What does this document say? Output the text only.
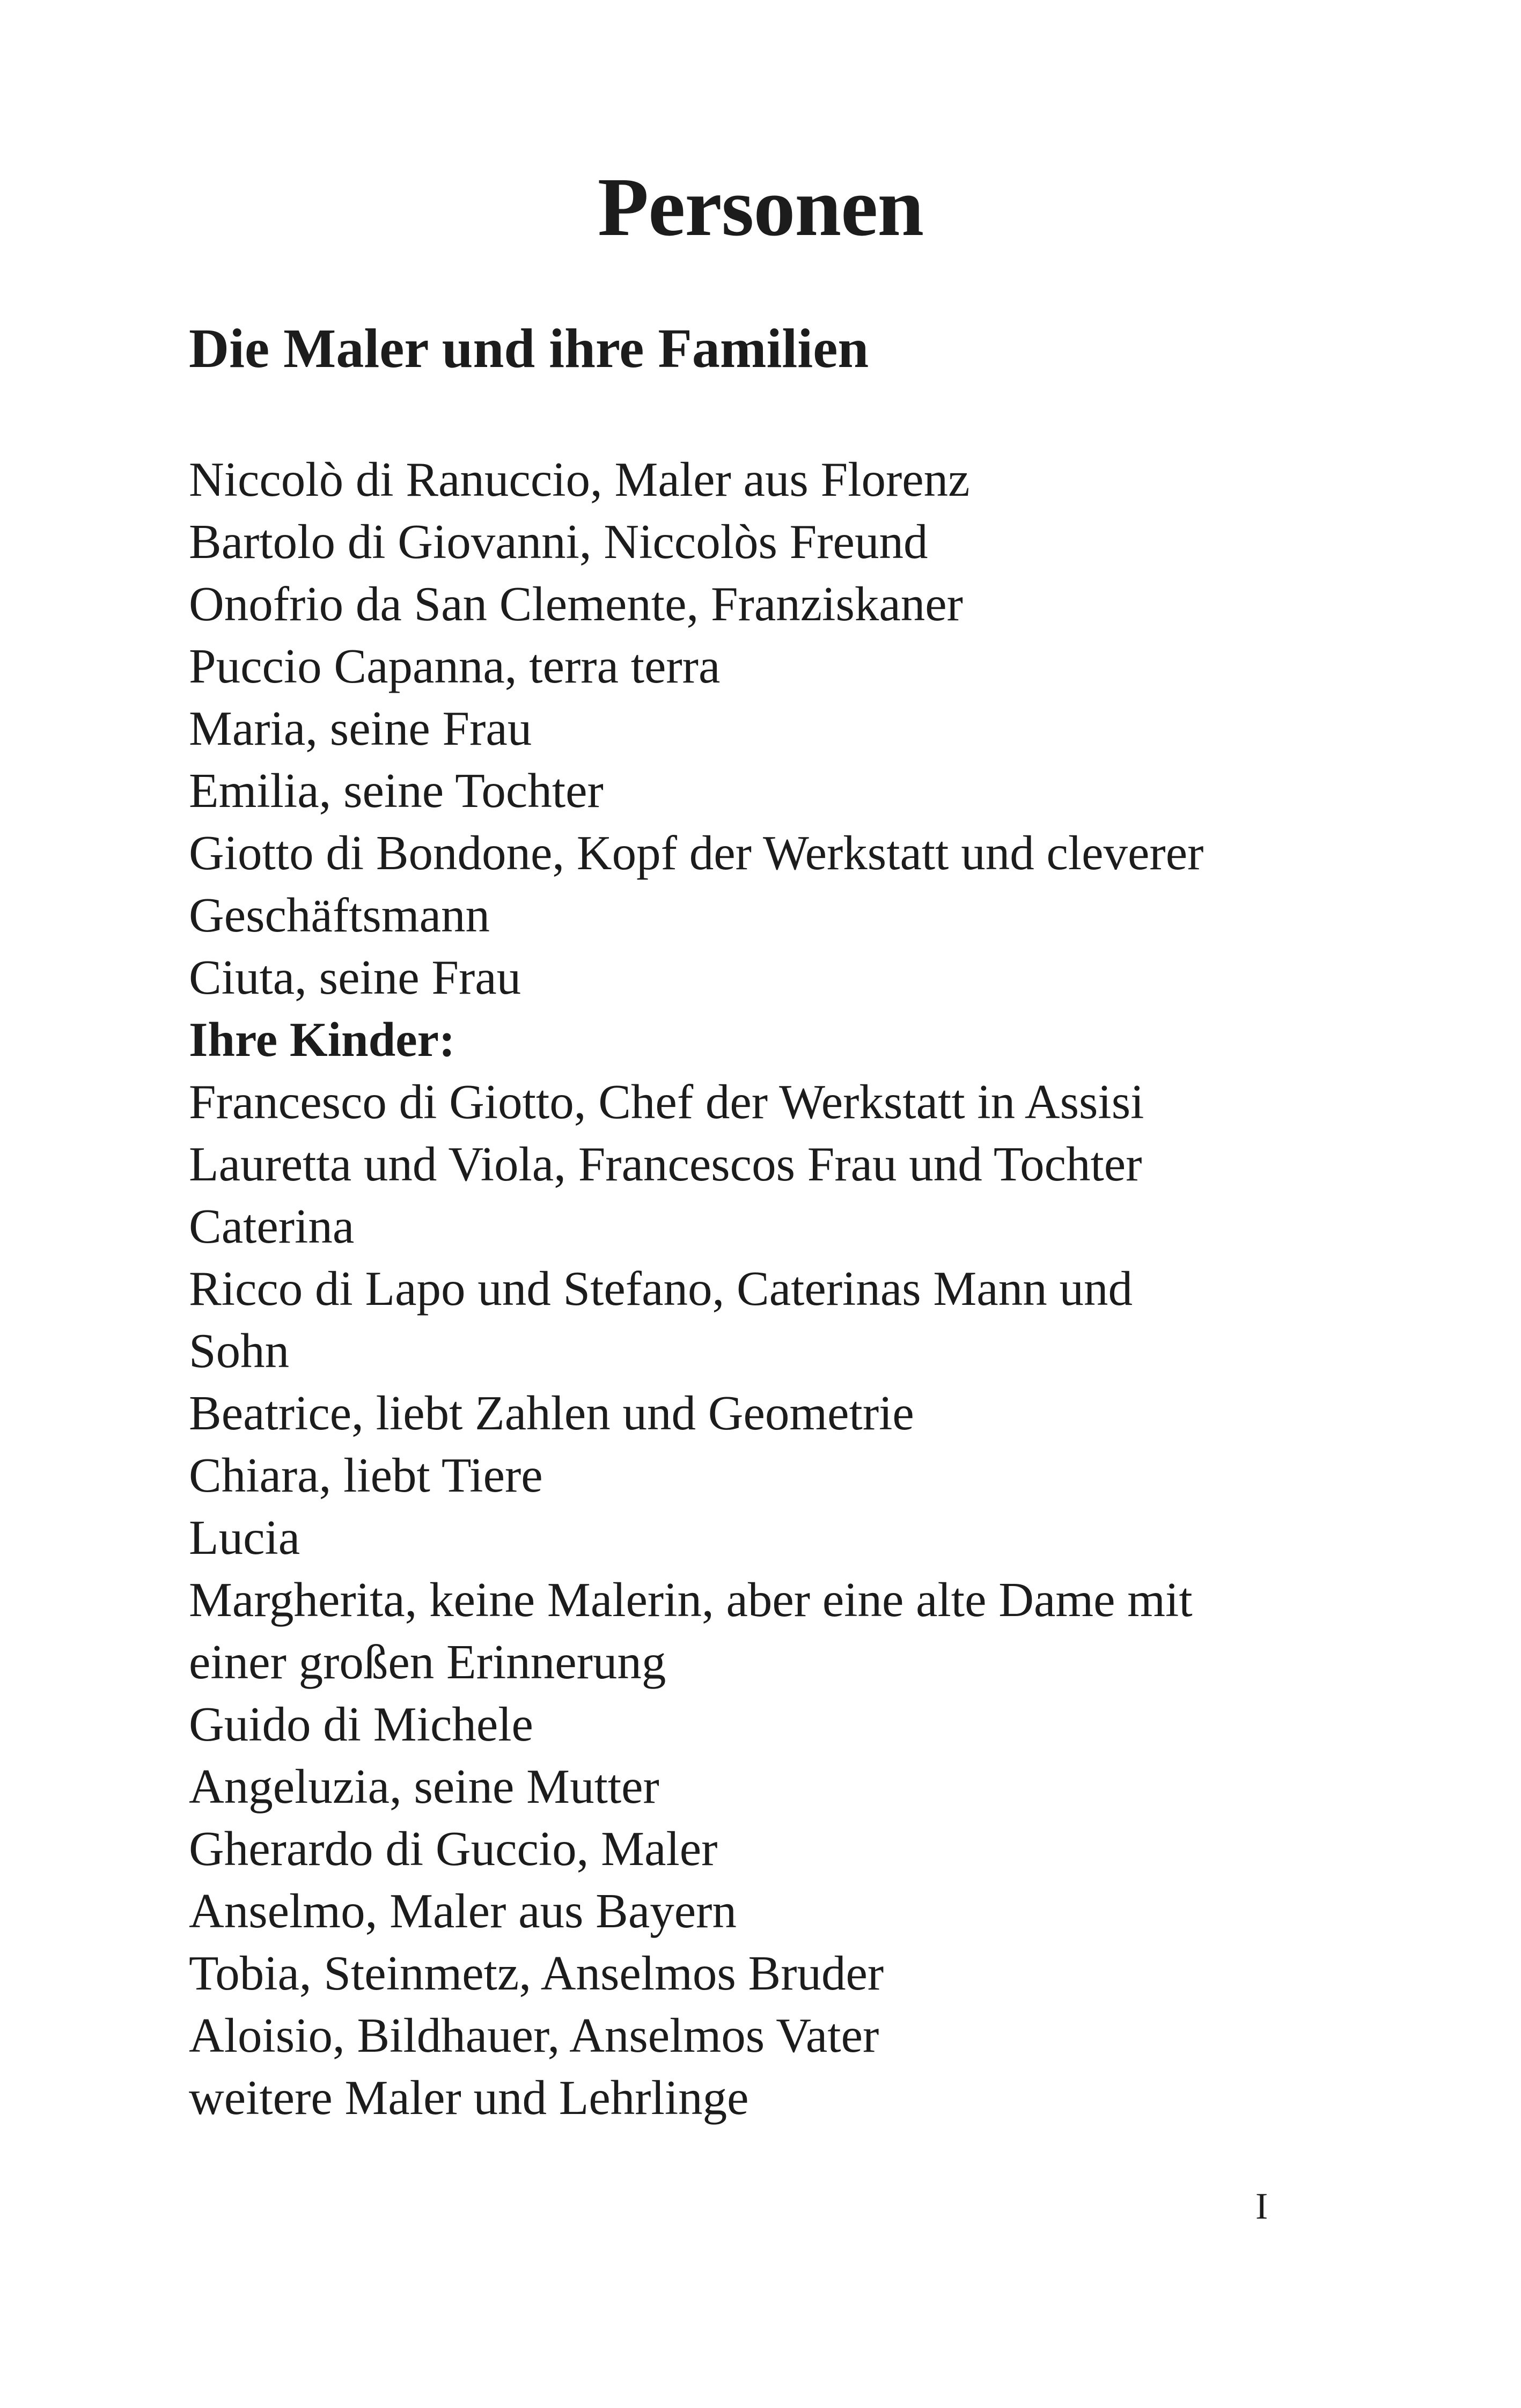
Personen
Die Maler und ihre Familien
Niccolò di Ranuccio, Maler aus Florenz
Bartolo di Giovanni, Niccolòs Freund
Onofrio da San Clemente, Franziskaner
Puccio Capanna, terra terra
Maria, seine Frau
Emilia, seine Tochter
Giotto di Bondone, Kopf der Werkstatt und cleverer
Geschäftsmann
Ciuta, seine Frau
Ihre Kinder:
Francesco di Giotto, Chef der Werkstatt in Assisi
Lauretta und Viola, Francescos Frau und Tochter
Caterina
Ricco di Lapo und Stefano, Caterinas Mann und
Sohn
Beatrice, liebt Zahlen und Geometrie
Chiara, liebt Tiere
Lucia
Margherita, keine Malerin, aber eine alte Dame mit
einer großen Erinnerung
Guido di Michele
Angeluzia, seine Mutter
Gherardo di Guccio, Maler
Anselmo, Maler aus Bayern
Tobia, Steinmetz, Anselmos Bruder
Aloisio, Bildhauer, Anselmos Vater
weitere Maler und Lehrlinge
I
